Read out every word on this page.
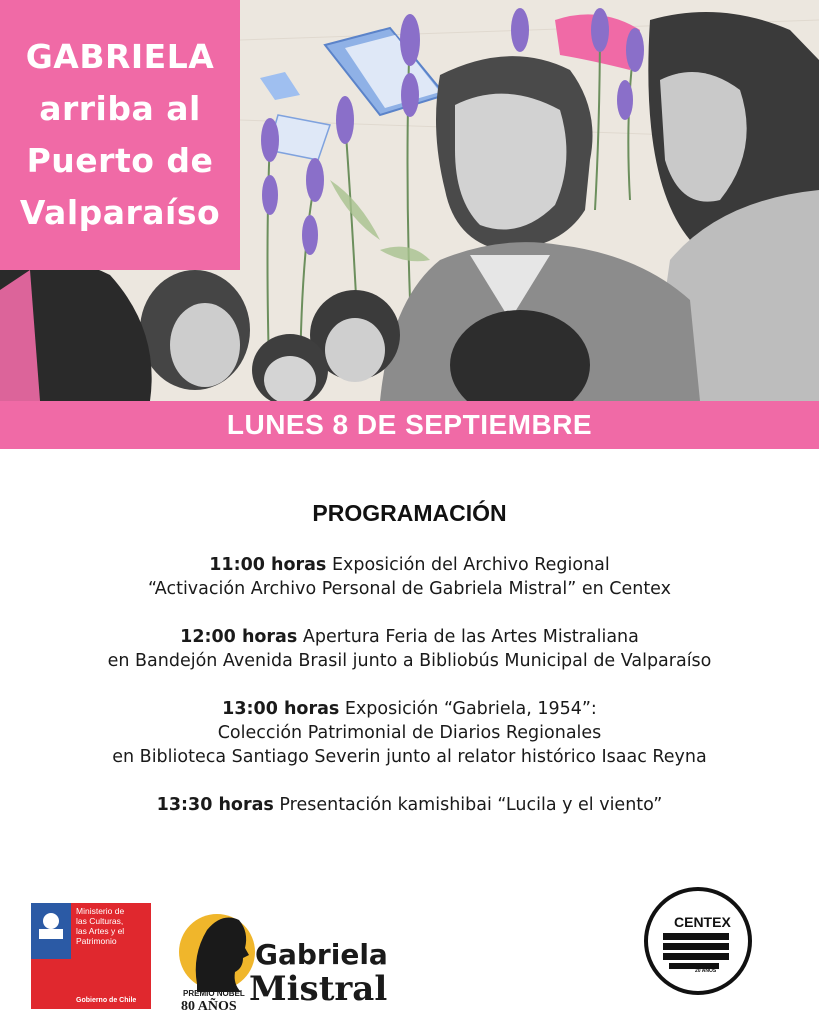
GABRIELA
arriba al
Puerto de
Valparaíso
LUNES 8 DE SEPTIEMBRE
PROGRAMACIÓN
11:00 horas Exposición del Archivo Regional
“Activación Archivo Personal de Gabriela Mistral” en Centex
12:00 horas Apertura Feria de las Artes Mistraliana
en Bandejón Avenida Brasil junto a Bibliobús Municipal de Valparaíso
13:00 horas Exposición “Gabriela, 1954”:
Colección Patrimonial de Diarios Regionales
en Biblioteca Santiago Severin junto al relator histórico Isaac Reyna
13:30 horas Presentación kamishibai “Lucila y el viento”
Ministerio de
las Culturas,
las Artes y el
Patrimonio
Gobierno de Chile
PREMIO NOBEL
80 AÑOS
Gabriela
Mistral
CENTEX
20 AÑOS
